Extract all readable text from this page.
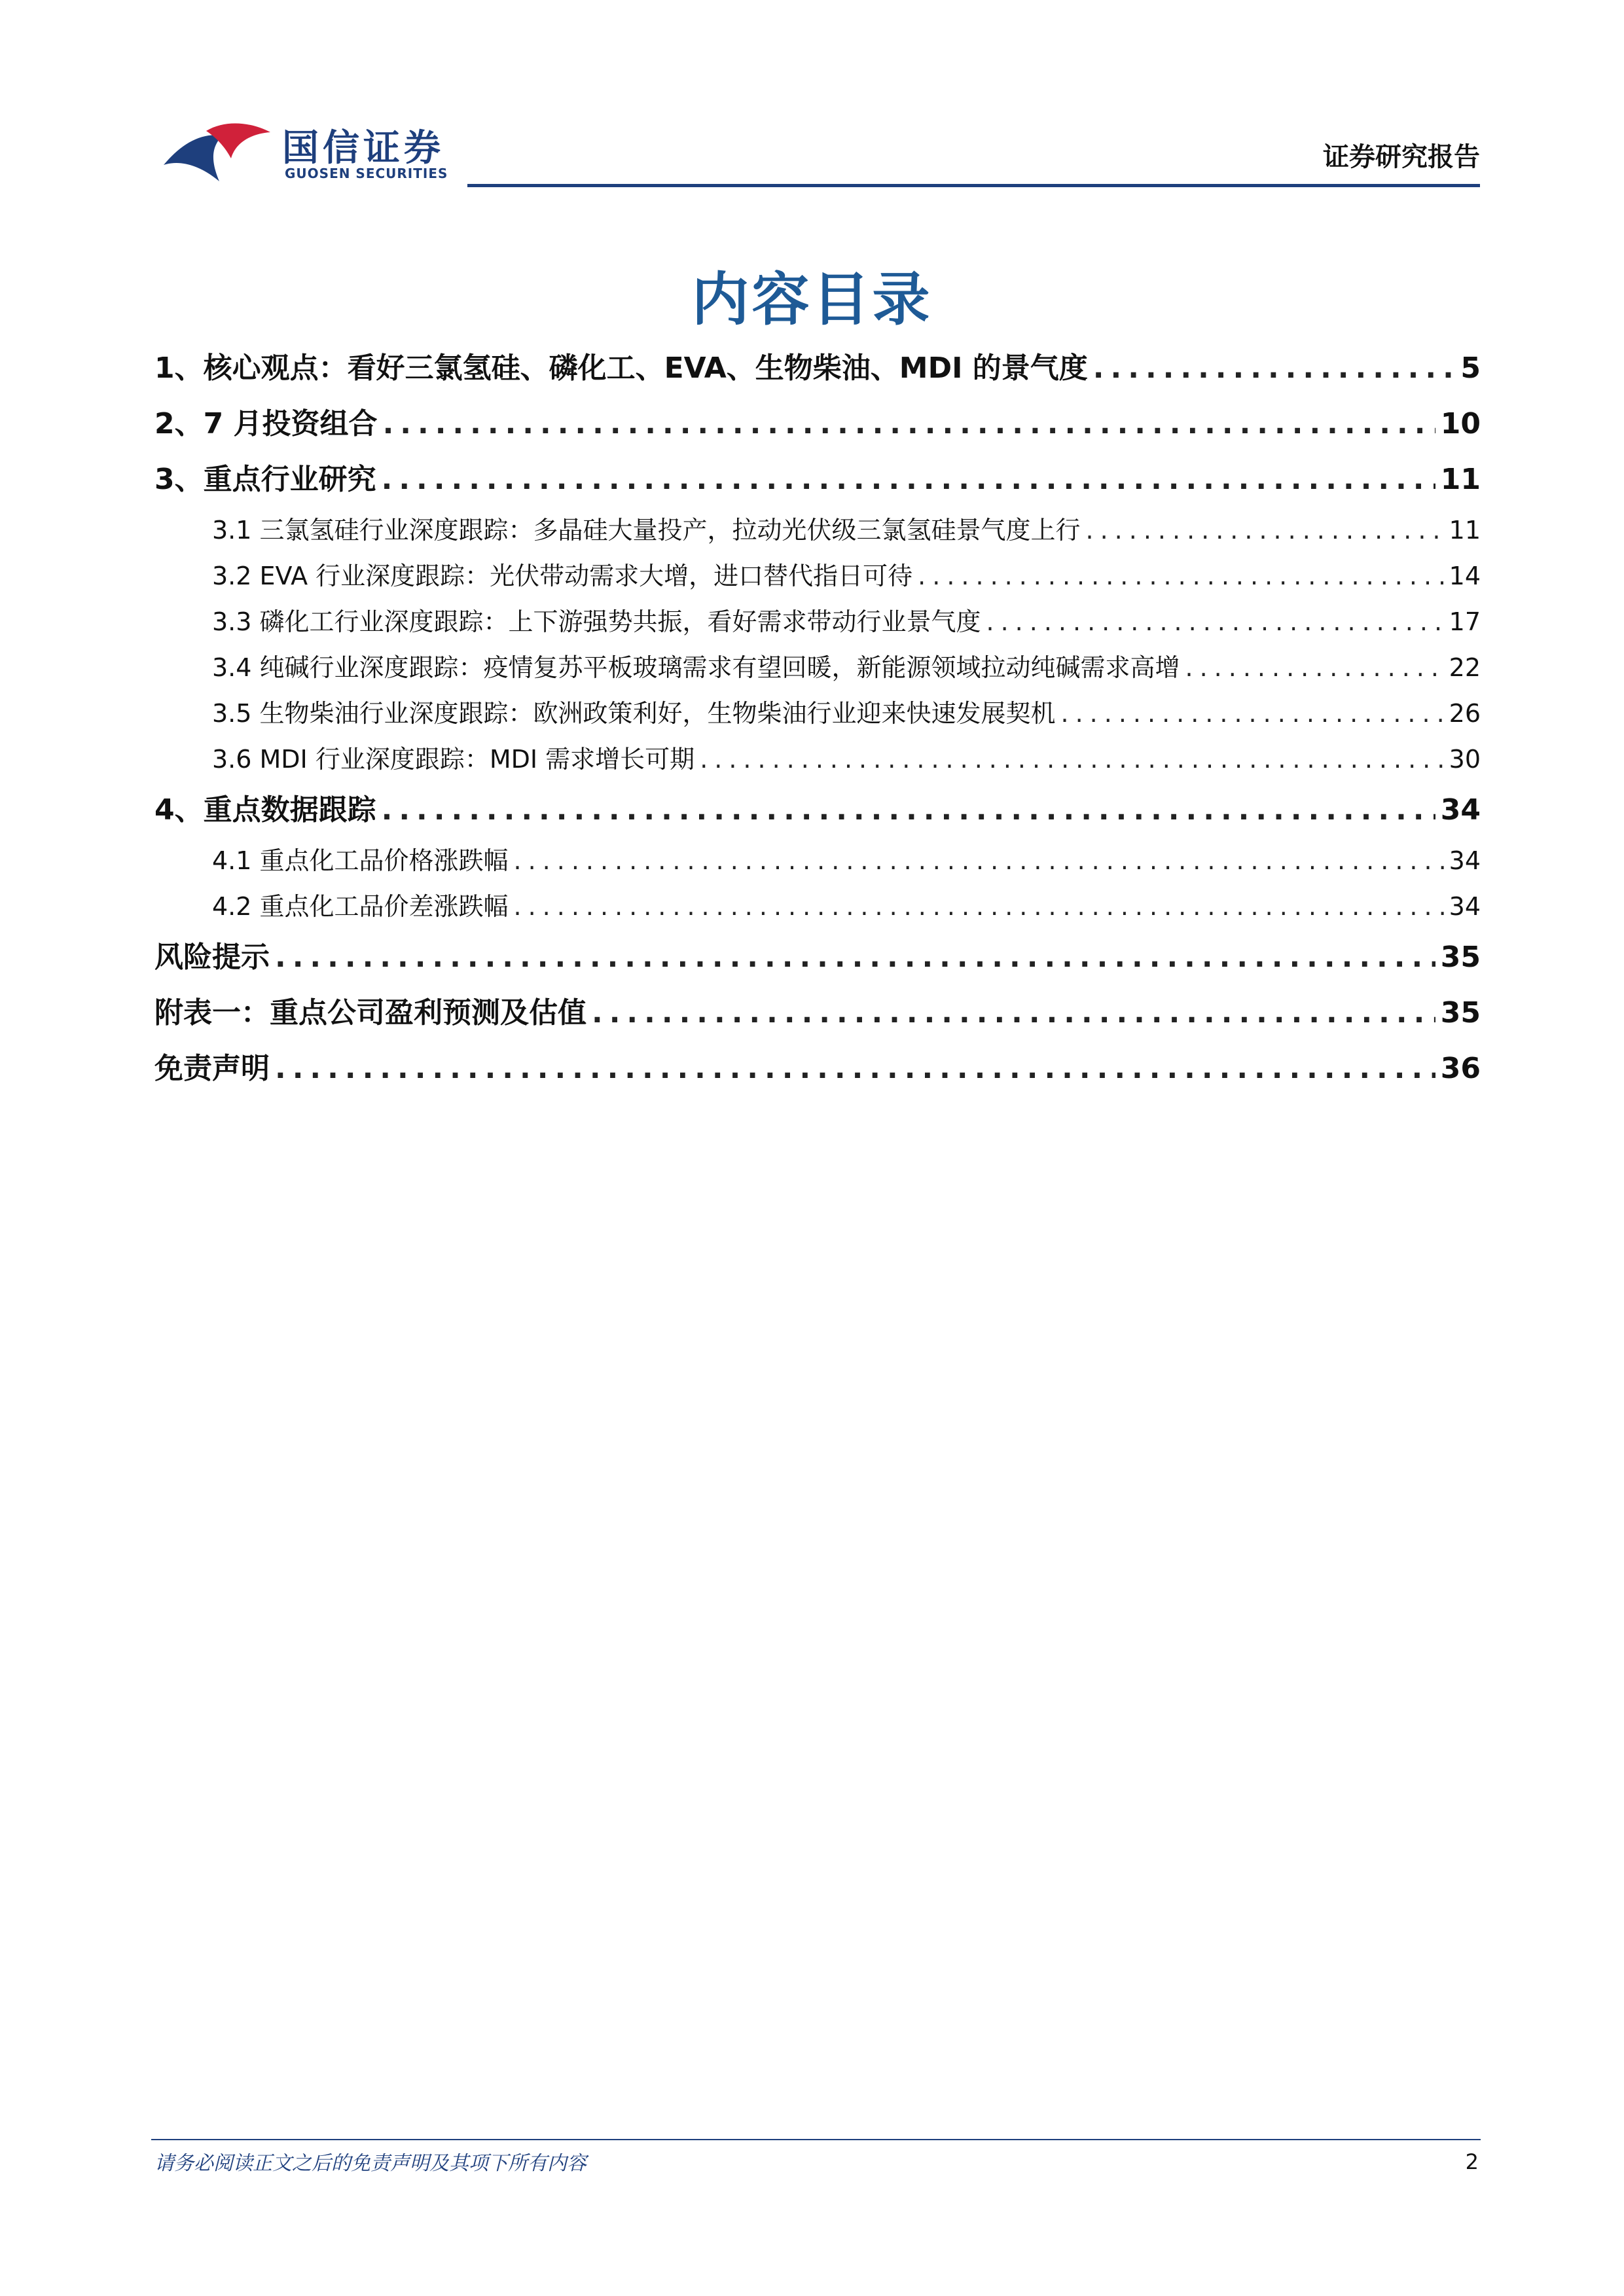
国信证券
GUOSEN SECURITIES
证券研究报告
内容目录
1、核心观点：看好三氯氢硅、磷化工、EVA、生物柴油、MDI 的景气度 .....	5
2、7 月投资组合 .....	10
3、重点行业研究 .....	11
3.1 三氯氢硅行业深度跟踪：多晶硅大量投产，拉动光伏级三氯氢硅景气度上行 .....	11
3.2 EVA 行业深度跟踪：光伏带动需求大增，进口替代指日可待 .....	14
3.3 磷化工行业深度跟踪：上下游强势共振，看好需求带动行业景气度 .....	17
3.4 纯碱行业深度跟踪：疫情复苏平板玻璃需求有望回暖，新能源领域拉动纯碱需求高增 .....	22
3.5 生物柴油行业深度跟踪：欧洲政策利好，生物柴油行业迎来快速发展契机 .....	26
3.6 MDI 行业深度跟踪：MDI 需求增长可期 .....	30
4、重点数据跟踪 .....	34
4.1 重点化工品价格涨跌幅 .....	34
4.2 重点化工品价差涨跌幅 .....	34
风险提示 .....	35
附表一：重点公司盈利预测及估值 .....	35
免责声明 .....	36
请务必阅读正文之后的免责声明及其项下所有内容	2
